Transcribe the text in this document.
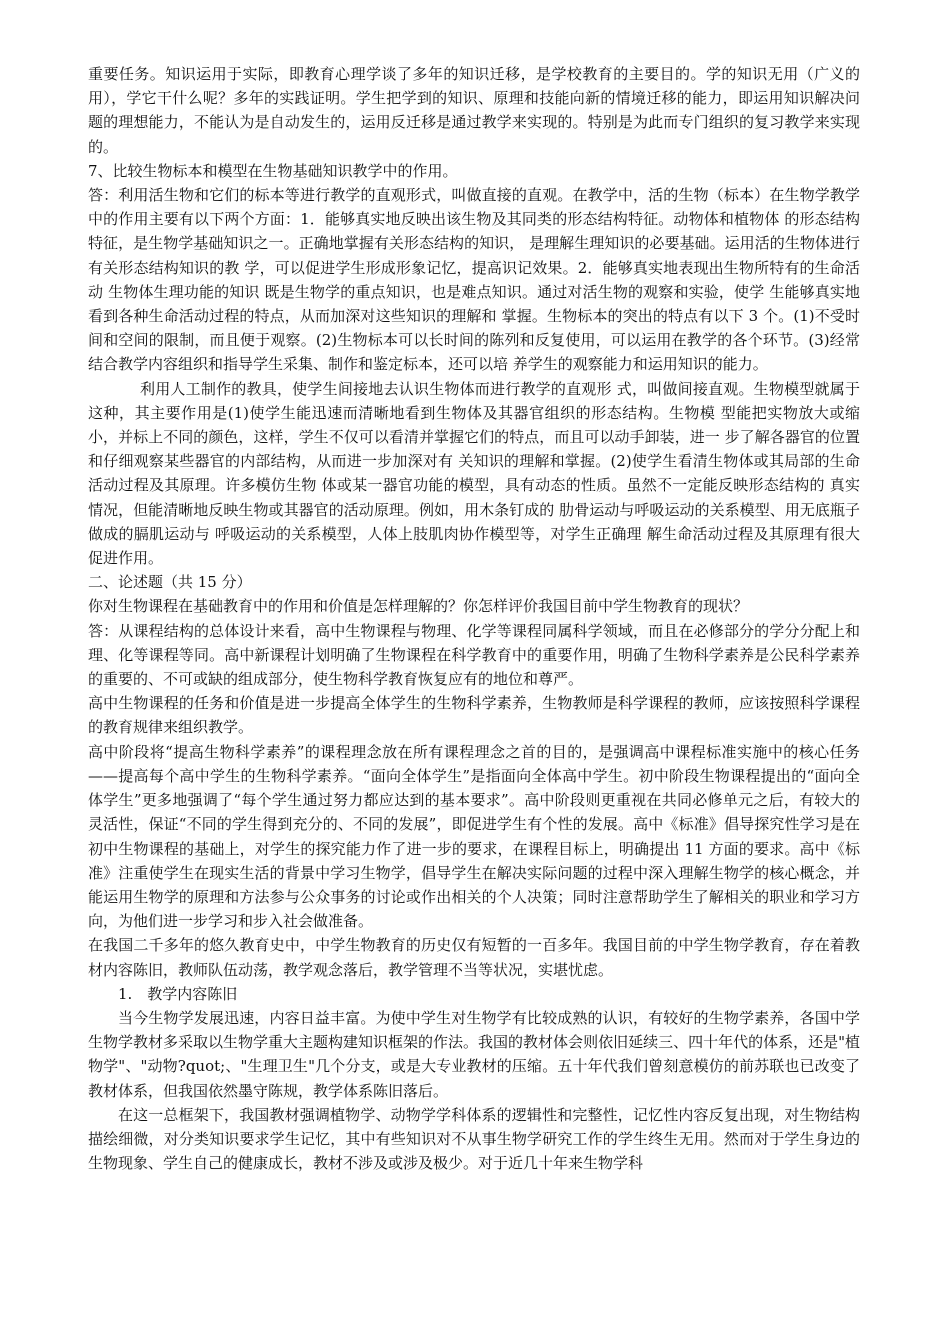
重要任务。知识运用于实际，即教育心理学谈了多年的知识迁移，是学校教育的主要目的。学的知识无用（广义的用），学它干什么呢？多年的实践证明。学生把学到的知识、原理和技能向新的情境迁移的能力，即运用知识解决问题的理想能力，不能认为是自动发生的，运用反迁移是通过教学来实现的。特别是为此而专门组织的复习教学来实现的。

7、比较生物标本和模型在生物基础知识教学中的作用。

答：利用活生物和它们的标本等进行教学的直观形式，叫做直接的直观。在教学中，活的生物（标本）在生物学教学中的作用主要有以下两个方面：1．能够真实地反映出该生物及其同类的形态结构特征。动物体和植物体 的形态结构特征，是生物学基础知识之一。正确地掌握有关形态结构的知识， 是理解生理知识的必要基础。运用活的生物体进行有关形态结构知识的教 学，可以促进学生形成形象记忆，提高识记效果。2．能够真实地表现出生物所特有的生命活动 生物体生理功能的知识 既是生物学的重点知识，也是难点知识。通过对活生物的观察和实验，使学 生能够真实地看到各种生命活动过程的特点，从而加深对这些知识的理解和 掌握。生物标本的突出的特点有以下 3 个。(1)不受时间和空间的限制，而且便于观察。(2)生物标本可以长时间的陈列和反复使用，可以运用在教学的各个环节。(3)经常结合教学内容组织和指导学生采集、制作和鉴定标本，还可以培 养学生的观察能力和运用知识的能力。

利用人工制作的教具，使学生间接地去认识生物体而进行教学的直观形 式，叫做间接直观。生物模型就属于这种，其主要作用是(1)使学生能迅速而清晰地看到生物体及其器官组织的形态结构。生物模 型能把实物放大或缩小，并标上不同的颜色，这样，学生不仅可以看清并掌握它们的特点，而且可以动手卸装，进一 步了解各器官的位置和仔细观察某些器官的内部结构，从而进一步加深对有 关知识的理解和掌握。(2)使学生看清生物体或其局部的生命活动过程及其原理。许多模仿生物 体或某一器官功能的模型，具有动态的性质。虽然不一定能反映形态结构的 真实情况，但能清晰地反映生物或其器官的活动原理。例如，用木条钉成的 肋骨运动与呼吸运动的关系模型、用无底瓶子做成的膈肌运动与 呼吸运动的关系模型，人体上肢肌肉协作模型等，对学生正确理 解生命活动过程及其原理有很大促进作用。

二、论述题（共 15 分）

你对生物课程在基础教育中的作用和价值是怎样理解的？你怎样评价我国目前中学生物教育的现状？

答：从课程结构的总体设计来看，高中生物课程与物理、化学等课程同属科学领域，而且在必修部分的学分分配上和理、化等课程等同。高中新课程计划明确了生物课程在科学教育中的重要作用，明确了生物科学素养是公民科学素养的重要的、不可或缺的组成部分，使生物科学教育恢复应有的地位和尊严。

高中生物课程的任务和价值是进一步提高全体学生的生物科学素养，生物教师是科学课程的教师，应该按照科学课程的教育规律来组织教学。

高中阶段将“提高生物科学素养”的课程理念放在所有课程理念之首的目的，是强调高中课程标准实施中的核心任务——提高每个高中学生的生物科学素养。“面向全体学生”是指面向全体高中学生。初中阶段生物课程提出的“面向全体学生”更多地强调了“每个学生通过努力都应达到的基本要求”。高中阶段则更重视在共同必修单元之后，有较大的灵活性，保证“不同的学生得到充分的、不同的发展”，即促进学生有个性的发展。高中《标准》倡导探究性学习是在初中生物课程的基础上，对学生的探究能力作了进一步的要求，在课程目标上，明确提出 11 方面的要求。高中《标准》注重使学生在现实生活的背景中学习生物学，倡导学生在解决实际问题的过程中深入理解生物学的核心概念，并能运用生物学的原理和方法参与公众事务的讨论或作出相关的个人决策；同时注意帮助学生了解相关的职业和学习方向，为他们进一步学习和步入社会做准备。

在我国二千多年的悠久教育史中，中学生物教育的历史仅有短暂的一百多年。我国目前的中学生物学教育，存在着教材内容陈旧，教师队伍动荡，教学观念落后，教学管理不当等状况，实堪忧虑。

1.　教学内容陈旧

当今生物学发展迅速，内容日益丰富。为使中学生对生物学有比较成熟的认识，有较好的生物学素养，各国中学生物学教材多采取以生物学重大主题构建知识框架的作法。我国的教材体会则依旧延续三、四十年代的体系，还是"植物学"、"动物?quot;、"生理卫生"几个分支，或是大专业教材的压缩。五十年代我们曾刻意模仿的前苏联也已改变了教材体系，但我国依然墨守陈规，教学体系陈旧落后。

在这一总框架下，我国教材强调植物学、动物学学科体系的逻辑性和完整性，记忆性内容反复出现，对生物结构描绘细微，对分类知识要求学生记忆，其中有些知识对不从事生物学研究工作的学生终生无用。然而对于学生身边的生物现象、学生自己的健康成长，教材不涉及或涉及极少。对于近几十年来生物学科
